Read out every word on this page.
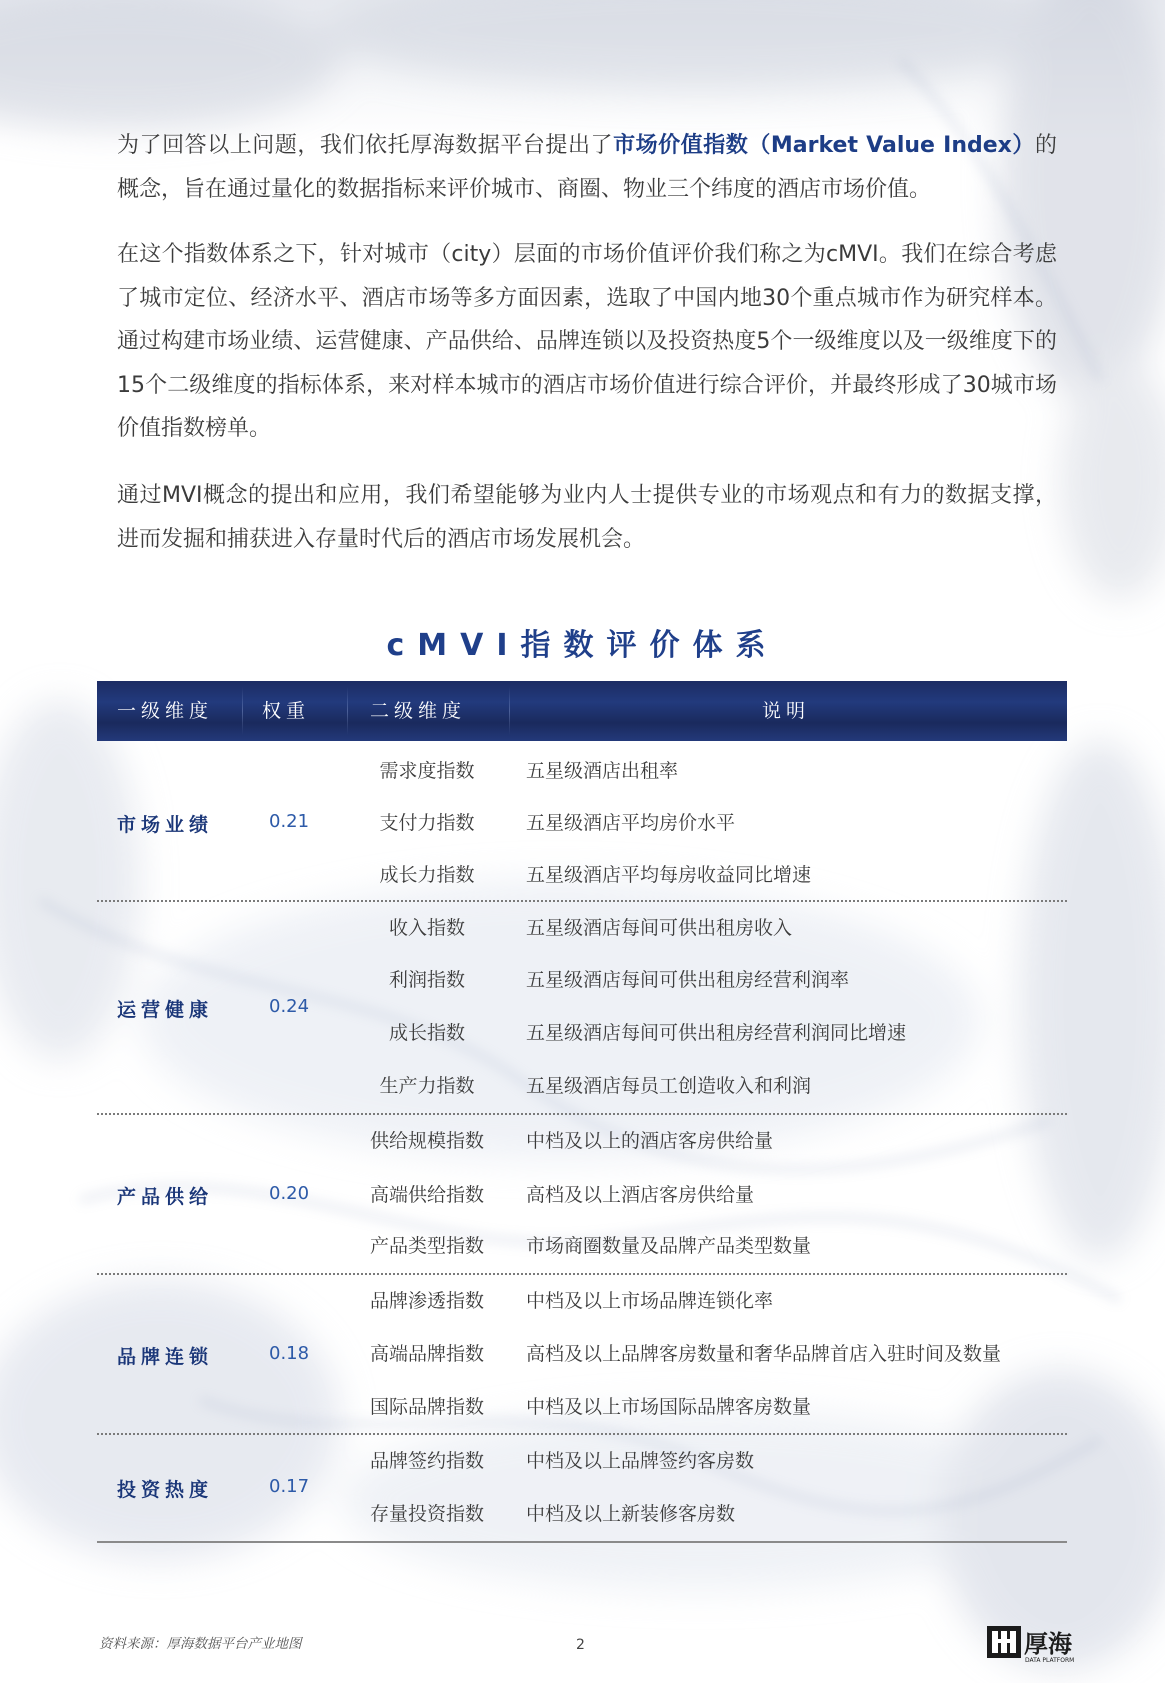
为了回答以上问题，我们依托厚海数据平台提出了市场价值指数（Market Value Index）的概念，旨在通过量化的数据指标来评价城市、商圈、物业三个纬度的酒店市场价值。

在这个指数体系之下，针对城市（city）层面的市场价值评价我们称之为cMVI。我们在综合考虑了城市定位、经济水平、酒店市场等多方面因素，选取了中国内地30个重点城市作为研究样本。通过构建市场业绩、运营健康、产品供给、品牌连锁以及投资热度5个一级维度以及一级维度下的15个二级维度的指标体系，来对样本城市的酒店市场价值进行综合评价，并最终形成了30城市场价值指数榜单。

通过MVI概念的提出和应用，我们希望能够为业内人士提供专业的市场观点和有力的数据支撑，进而发掘和捕获进入存量时代后的酒店市场发展机会。

cMVI指数评价体系
一级维度	权重	二级维度	说明
市场业绩	0.21
需求度指数	五星级酒店出租率
支付力指数	五星级酒店平均房价水平
成长力指数	五星级酒店平均每房收益同比增速
运营健康	0.24
收入指数	五星级酒店每间可供出租房收入
利润指数	五星级酒店每间可供出租房经营利润率
成长指数	五星级酒店每间可供出租房经营利润同比增速
生产力指数	五星级酒店每员工创造收入和利润
产品供给	0.20
供给规模指数	中档及以上的酒店客房供给量
高端供给指数	高档及以上酒店客房供给量
产品类型指数	市场商圈数量及品牌产品类型数量
品牌连锁	0.18
品牌渗透指数	中档及以上市场品牌连锁化率
高端品牌指数	高档及以上品牌客房数量和奢华品牌首店入驻时间及数量
国际品牌指数	中档及以上市场国际品牌客房数量
投资热度	0.17
品牌签约指数	中档及以上品牌签约客房数
存量投资指数	中档及以上新装修客房数
资料来源：厚海数据平台产业地图	2	厚海
DATA PLATFORM
